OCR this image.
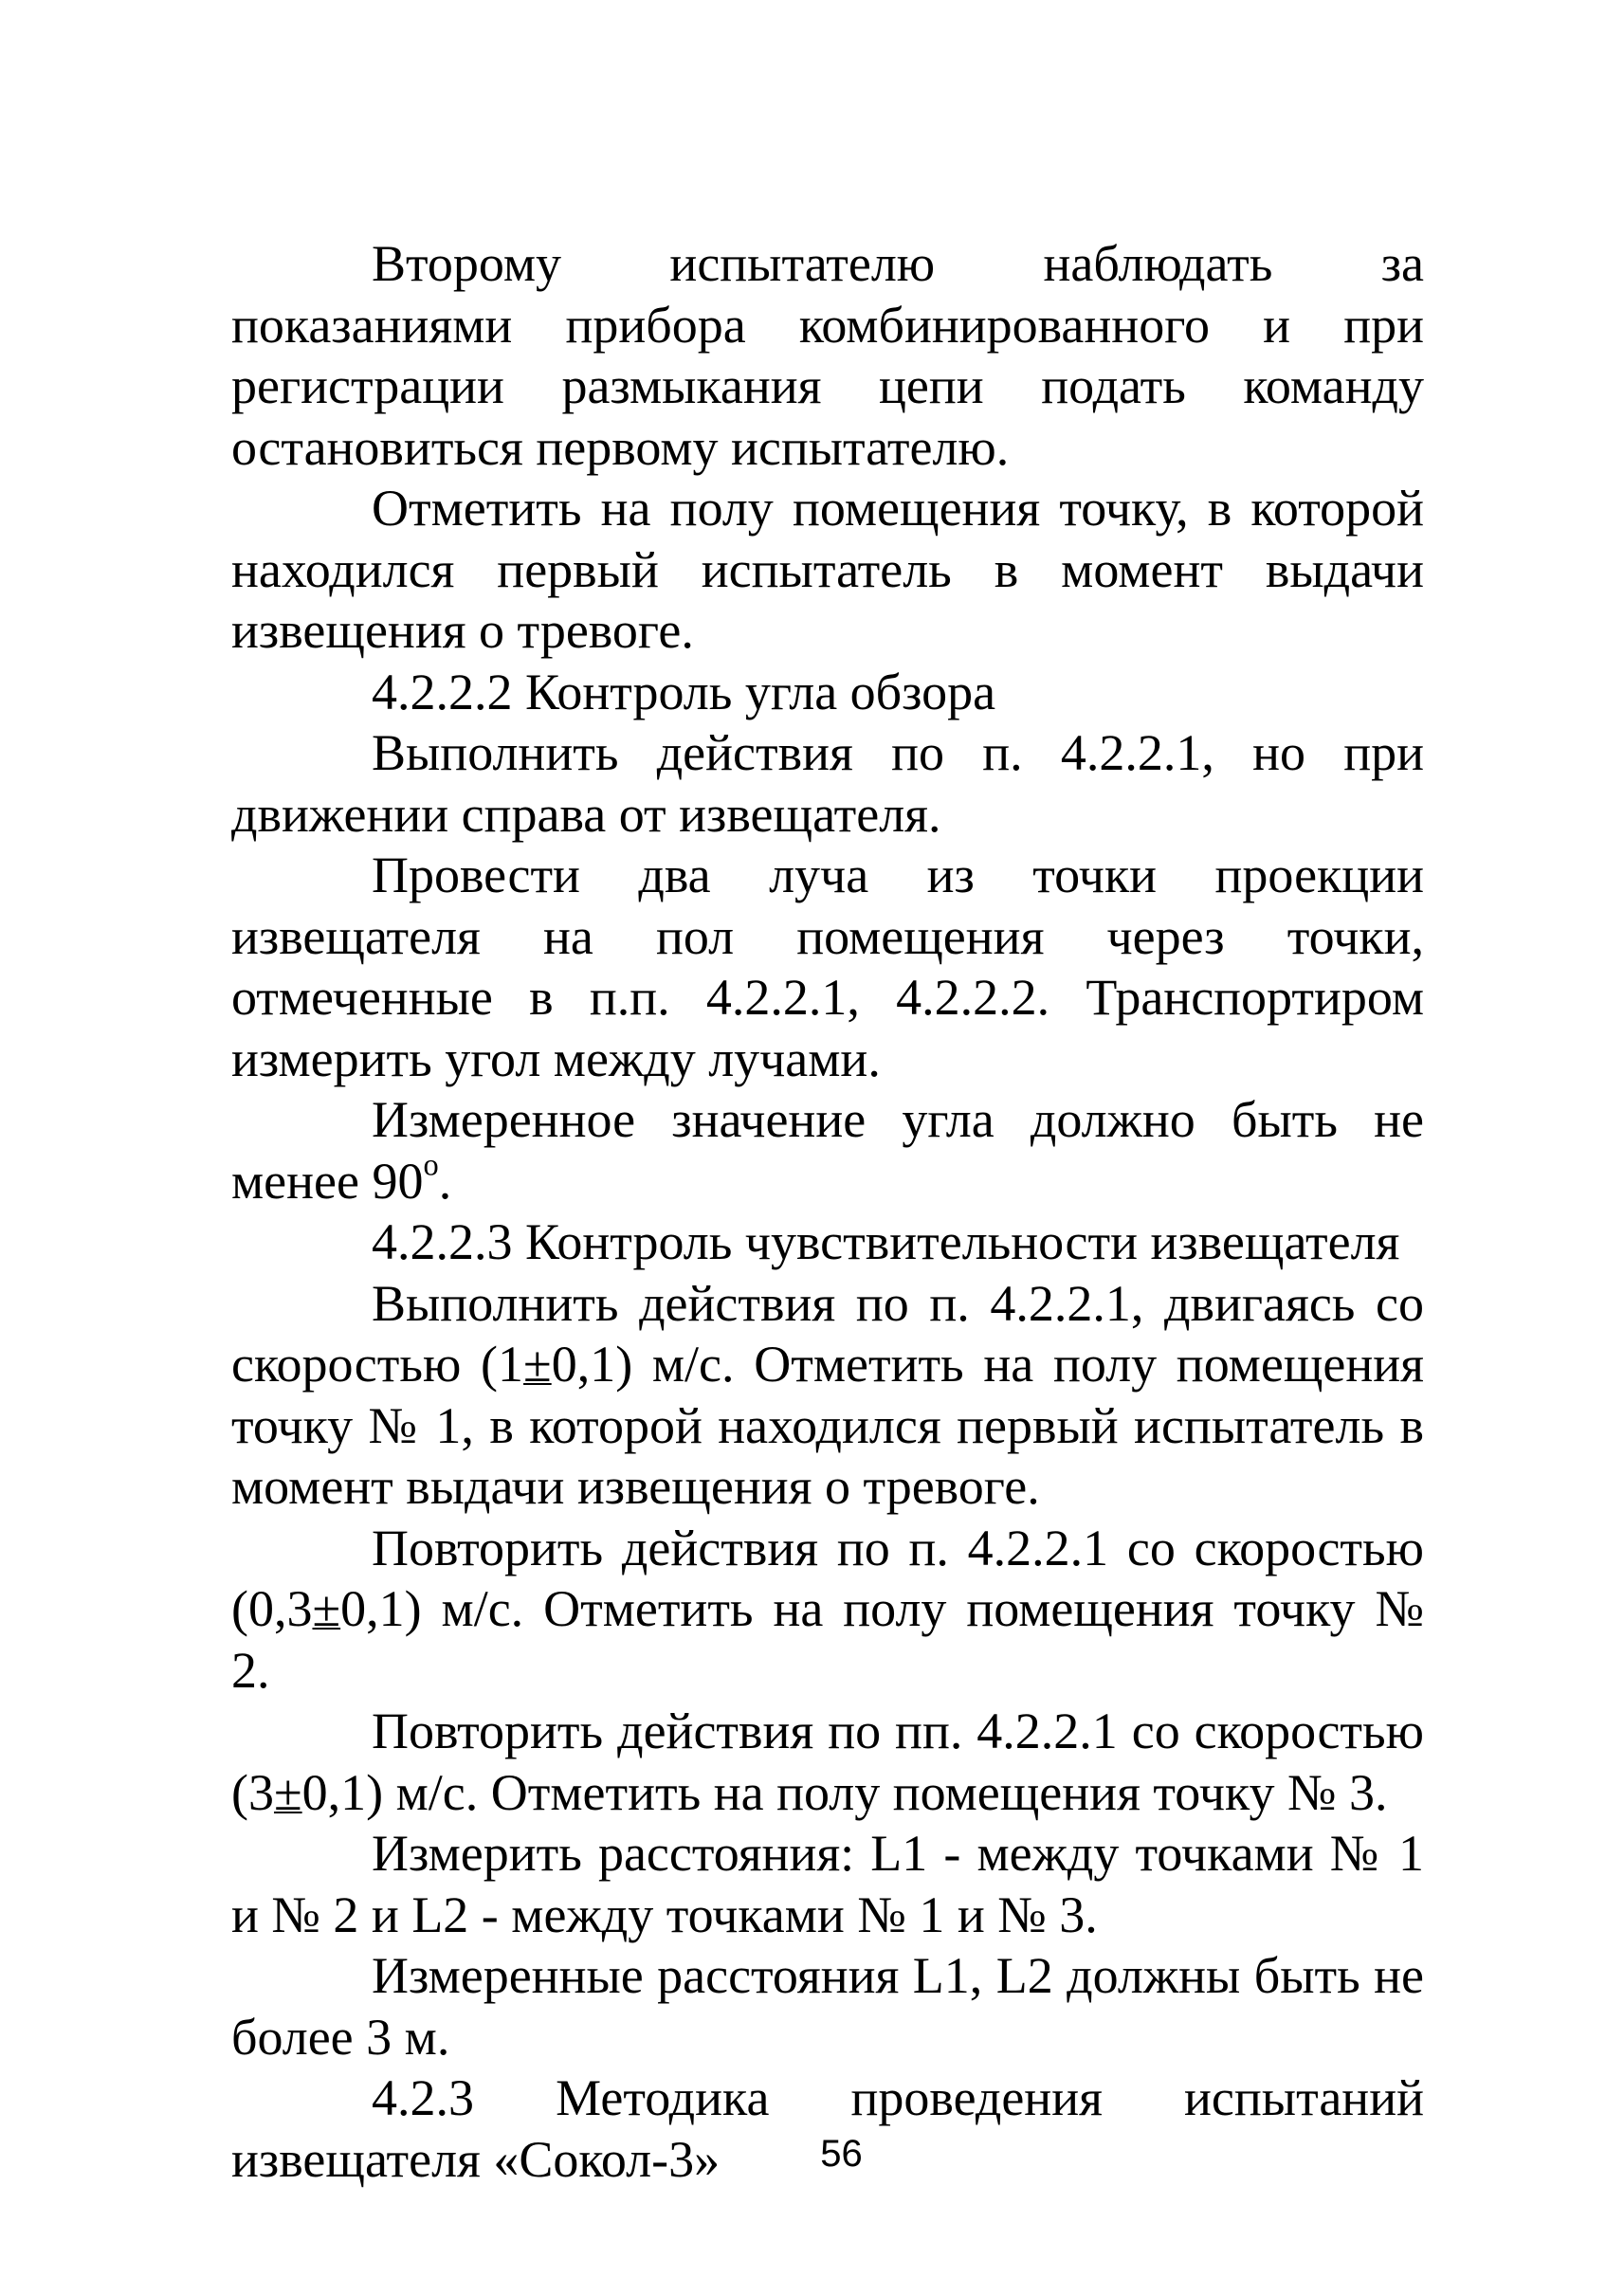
Второму испытателю наблюдать за показаниями прибора комбинированного и при регистрации размыкания цепи подать команду остановиться первому испытателю.

Отметить на полу помещения точку, в которой находился первый испытатель в момент выдачи извещения о тревоге.

4.2.2.2 Контроль угла обзора

Выполнить действия по п. 4.2.2.1, но при движении справа от извещателя.

Провести два луча из точки проекции извещателя на пол помещения через точки, отмеченные в п.п. 4.2.2.1, 4.2.2.2. Транспортиром измерить угол между лучами.

Измеренное значение угла должно быть не менее $90^о$.

4.2.2.3 Контроль чувствительности извещателя

Выполнить действия по п. 4.2.2.1, двигаясь со скоростью (1±0,1) м/с. Отметить на полу помещения точку № 1, в которой находился первый испытатель в момент выдачи извещения о тревоге.

Повторить действия по п. 4.2.2.1 со скоростью (0,3±0,1) м/с. Отметить на полу помещения точку № 2.

Повторить действия по пп. 4.2.2.1 со скоростью (3±0,1) м/с. Отметить на полу помещения точку № 3.

Измерить расстояния: L1 - между точками № 1 и № 2 и L2 - между точками № 1 и № 3.

Измеренные расстояния L1, L2 должны быть не более 3 м.

4.2.3 Методика проведения испытаний извещателя «Сокол-3»	56
